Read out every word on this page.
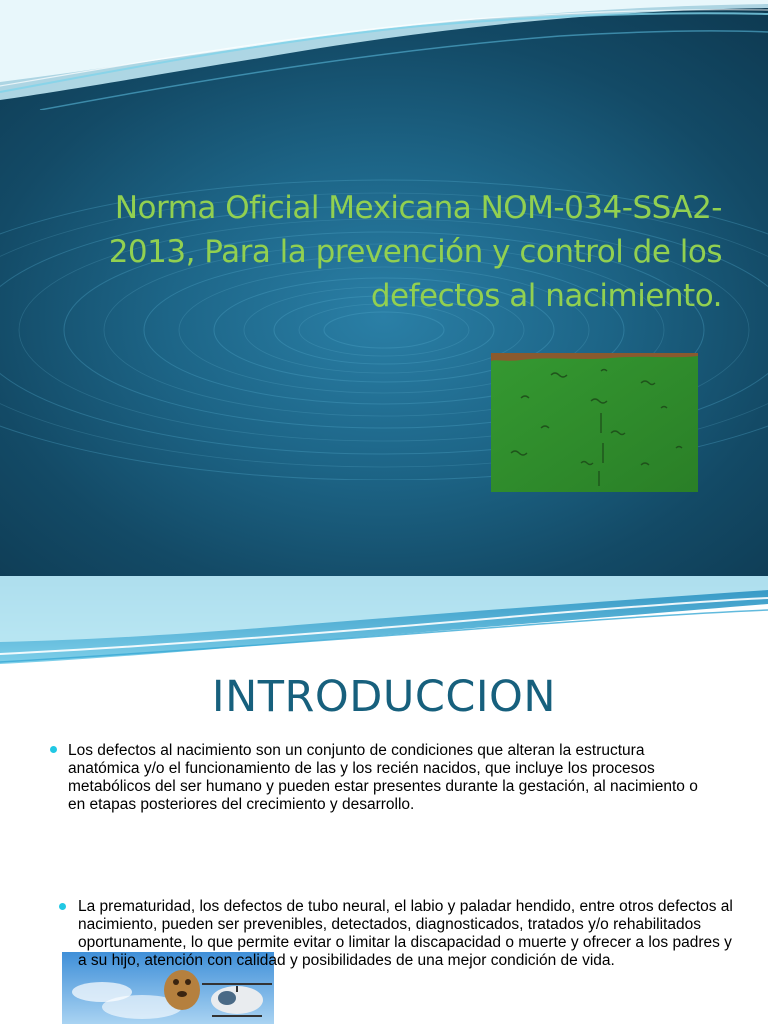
Norma Oficial Mexicana NOM-034-SSA2-2013, Para la prevención y control de los defectos al nacimiento.
INTRODUCCION
Los defectos al nacimiento son un conjunto de condiciones que alteran la estructura anatómica y/o el funcionamiento de las y los recién nacidos, que incluye los procesos metabólicos del ser humano y pueden estar presentes durante la gestación, al nacimiento o en etapas posteriores del crecimiento y desarrollo.
La prematuridad, los defectos de tubo neural, el labio y paladar hendido, entre otros defectos al nacimiento, pueden ser prevenibles, detectados, diagnosticados, tratados y/o rehabilitados oportunamente, lo que permite evitar o limitar la discapacidad o muerte y ofrecer a los padres y a su hijo, atención con calidad y posibilidades de una mejor condición de vida.
